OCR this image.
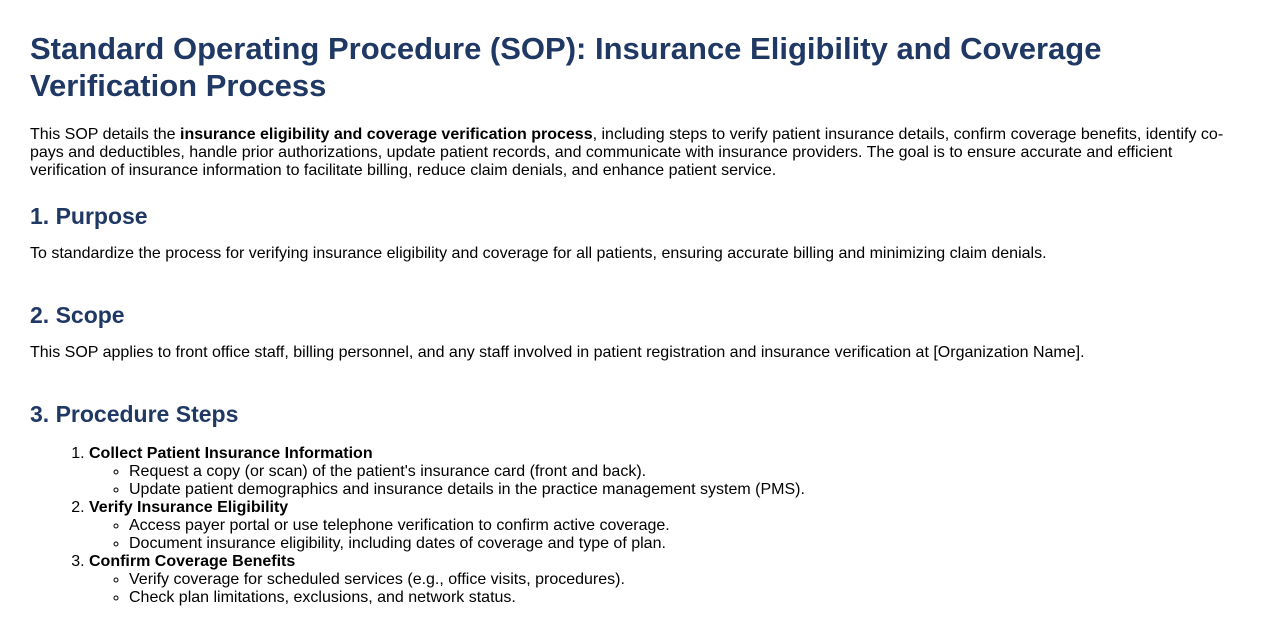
Standard Operating Procedure (SOP): Insurance Eligibility and Coverage Verification Process

This SOP details the insurance eligibility and coverage verification process, including steps to verify patient insurance details, confirm coverage benefits, identify co-pays and deductibles, handle prior authorizations, update patient records, and communicate with insurance providers. The goal is to ensure accurate and efficient verification of insurance information to facilitate billing, reduce claim denials, and enhance patient service.

1. Purpose

To standardize the process for verifying insurance eligibility and coverage for all patients, ensuring accurate billing and minimizing claim denials.

2. Scope

This SOP applies to front office staff, billing personnel, and any staff involved in patient registration and insurance verification at [Organization Name].

3. Procedure Steps
1. Collect Patient Insurance Information
◦ Request a copy (or scan) of the patient's insurance card (front and back).
◦ Update patient demographics and insurance details in the practice management system (PMS).
2. Verify Insurance Eligibility
◦ Access payer portal or use telephone verification to confirm active coverage.
◦ Document insurance eligibility, including dates of coverage and type of plan.
3. Confirm Coverage Benefits
◦ Verify coverage for scheduled services (e.g., office visits, procedures).
◦ Check plan limitations, exclusions, and network status.
